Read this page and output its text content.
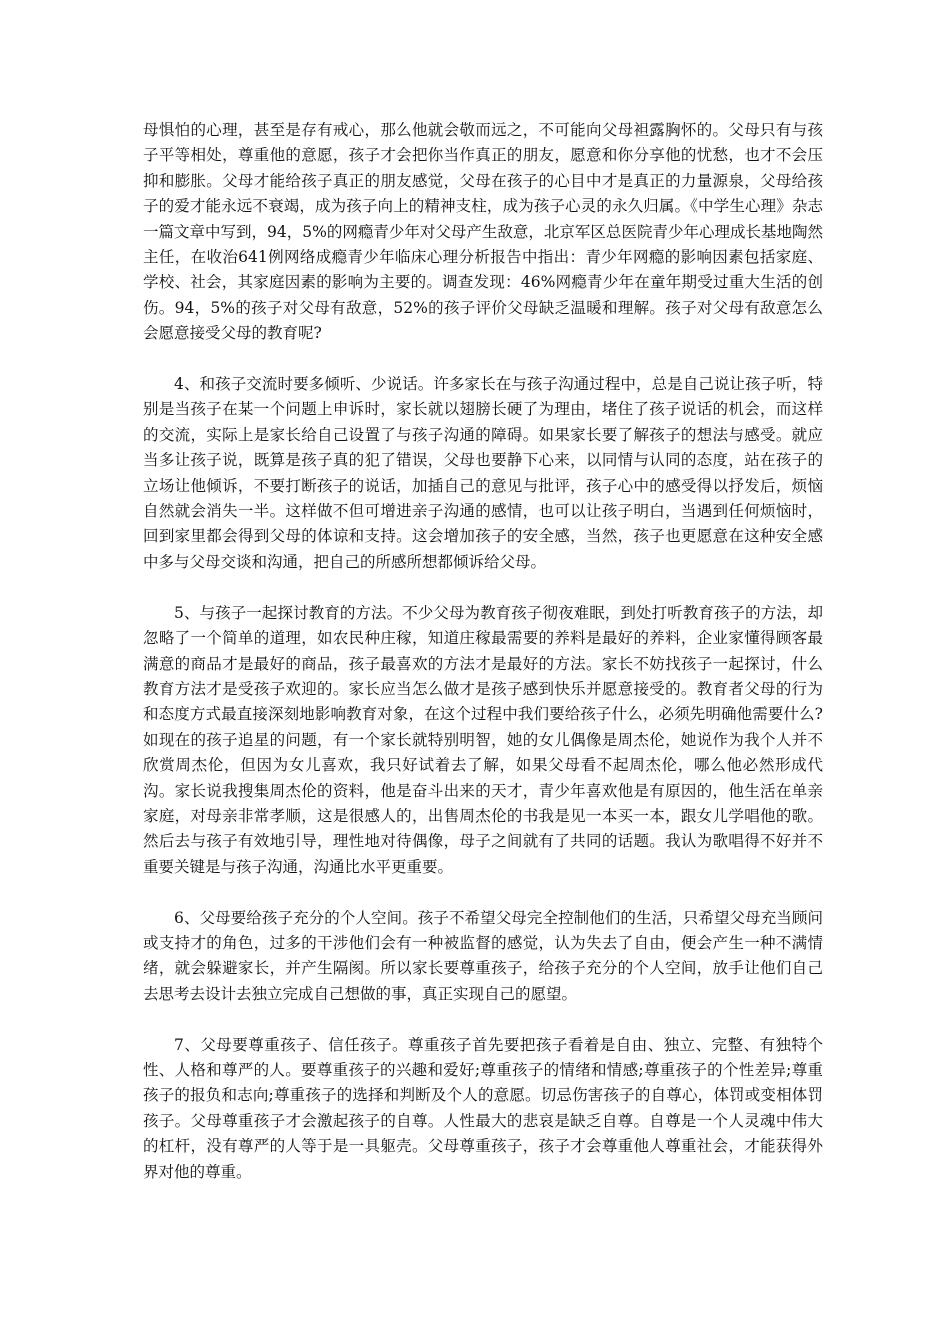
母惧怕的心理，甚至是存有戒心，那么他就会敬而远之，不可能向父母袒露胸怀的。父母只有与孩子平等相处，尊重他的意愿，孩子才会把你当作真正的朋友，愿意和你分享他的忧愁，也才不会压抑和膨胀。父母才能给孩子真正的朋友感觉，父母在孩子的心目中才是真正的力量源泉，父母给孩子的爱才能永远不衰竭，成为孩子向上的精神支柱，成为孩子心灵的永久归属。《中学生心理》杂志一篇文章中写到，94，5%的网瘾青少年对父母产生敌意，北京军区总医院青少年心理成长基地陶然主任，在收治641例网络成瘾青少年临床心理分析报告中指出：青少年网瘾的影响因素包括家庭、学校、社会，其家庭因素的影响为主要的。调查发现：46%网瘾青少年在童年期受过重大生活的创伤。94，5%的孩子对父母有敌意，52%的孩子评价父母缺乏温暖和理解。孩子对父母有敌意怎么会愿意接受父母的教育呢?

4、和孩子交流时要多倾听、少说话。许多家长在与孩子沟通过程中，总是自己说让孩子听，特别是当孩子在某一个问题上申诉时，家长就以翅膀长硬了为理由，堵住了孩子说话的机会，而这样的交流，实际上是家长给自己设置了与孩子沟通的障碍。如果家长要了解孩子的想法与感受。就应当多让孩子说，既算是孩子真的犯了错误，父母也要静下心来，以同情与认同的态度，站在孩子的立场让他倾诉，不要打断孩子的说话，加插自己的意见与批评，孩子心中的感受得以抒发后，烦恼自然就会消失一半。这样做不但可增进亲子沟通的感情，也可以让孩子明白，当遇到任何烦恼时，回到家里都会得到父母的体谅和支持。这会增加孩子的安全感，当然，孩子也更愿意在这种安全感中多与父母交谈和沟通，把自己的所感所想都倾诉给父母。

5、与孩子一起探讨教育的方法。不少父母为教育孩子彻夜难眠，到处打听教育孩子的方法，却忽略了一个简单的道理，如农民种庄稼，知道庄稼最需要的养料是最好的养料，企业家懂得顾客最满意的商品才是最好的商品，孩子最喜欢的方法才是最好的方法。家长不妨找孩子一起探讨，什么教育方法才是受孩子欢迎的。家长应当怎么做才是孩子感到快乐并愿意接受的。教育者父母的行为和态度方式最直接深刻地影响教育对象，在这个过程中我们要给孩子什么，必须先明确他需要什么?如现在的孩子追星的问题，有一个家长就特别明智，她的女儿偶像是周杰伦，她说作为我个人并不欣赏周杰伦，但因为女儿喜欢，我只好试着去了解，如果父母看不起周杰伦，哪么他必然形成代沟。家长说我搜集周杰伦的资料，他是奋斗出来的天才，青少年喜欢他是有原因的，他生活在单亲家庭，对母亲非常孝顺，这是很感人的，出售周杰伦的书我是见一本买一本，跟女儿学唱他的歌。然后去与孩子有效地引导，理性地对待偶像，母子之间就有了共同的话题。我认为歌唱得不好并不重要关键是与孩子沟通，沟通比水平更重要。

6、父母要给孩子充分的个人空间。孩子不希望父母完全控制他们的生活，只希望父母充当顾问或支持才的角色，过多的干涉他们会有一种被监督的感觉，认为失去了自由，便会产生一种不满情绪，就会躲避家长，并产生隔阂。所以家长要尊重孩子，给孩子充分的个人空间，放手让他们自己去思考去设计去独立完成自己想做的事，真正实现自己的愿望。

7、父母要尊重孩子、信任孩子。尊重孩子首先要把孩子看着是自由、独立、完整、有独特个性、人格和尊严的人。要尊重孩子的兴趣和爱好;尊重孩子的情绪和情感;尊重孩子的个性差异;尊重孩子的报负和志向;尊重孩子的选择和判断及个人的意愿。切忌伤害孩子的自尊心，体罚或变相体罚孩子。父母尊重孩子才会激起孩子的自尊。人性最大的悲哀是缺乏自尊。自尊是一个人灵魂中伟大的杠杆，没有尊严的人等于是一具躯壳。父母尊重孩子，孩子才会尊重他人尊重社会，才能获得外界对他的尊重。
